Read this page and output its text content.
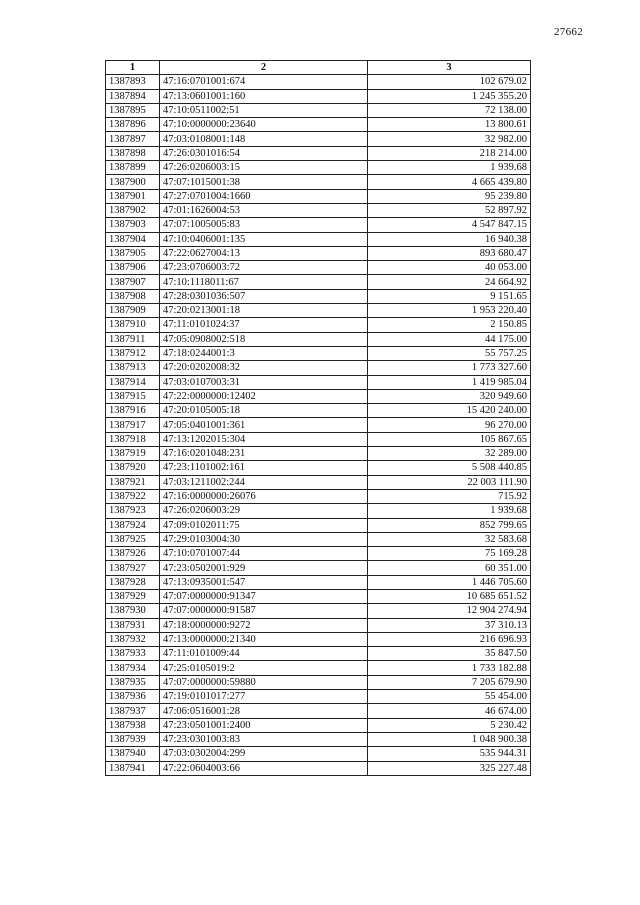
27662
1	2	3
1387893	47:16:0701001:674	102 679.02
1387894	47:13:0601001:160	1 245 355.20
1387895	47:10:0511002:51	72 138.00
1387896	47:10:0000000:23640	13 800.61
1387897	47:03:0108001:148	32 982.00
1387898	47:26:0301016:54	218 214.00
1387899	47:26:0206003:15	1 939.68
1387900	47:07:1015001:38	4 665 439.80
1387901	47:27:0701004:1660	95 239.80
1387902	47:01:1626004:53	52 897.92
1387903	47:07:1005005:83	4 547 847.15
1387904	47:10:0406001:135	16 940.38
1387905	47:22:0627004:13	893 680.47
1387906	47:23:0706003:72	40 053.00
1387907	47:10:1118011:67	24 664.92
1387908	47:28:0301036:507	9 151.65
1387909	47:20:0213001:18	1 953 220.40
1387910	47:11:0101024:37	2 150.85
1387911	47:05:0908002:518	44 175.00
1387912	47:18:0244001:3	55 757.25
1387913	47:20:0202008:32	1 773 327.60
1387914	47:03:0107003:31	1 419 985.04
1387915	47:22:0000000:12402	320 949.60
1387916	47:20:0105005:18	15 420 240.00
1387917	47:05:0401001:361	96 270.00
1387918	47:13:1202015:304	105 867.65
1387919	47:16:0201048:231	32 289.00
1387920	47:23:1101002:161	5 508 440.85
1387921	47:03:1211002:244	22 003 111.90
1387922	47:16:0000000:26076	715.92
1387923	47:26:0206003:29	1 939.68
1387924	47:09:0102011:75	852 799.65
1387925	47:29:0103004:30	32 583.68
1387926	47:10:0701007:44	75 169.28
1387927	47:23:0502001:929	60 351.00
1387928	47:13:0935001:547	1 446 705.60
1387929	47:07:0000000:91347	10 685 651.52
1387930	47:07:0000000:91587	12 904 274.94
1387931	47:18:0000000:9272	37 310.13
1387932	47:13:0000000:21340	216 696.93
1387933	47:11:0101009:44	35 847.50
1387934	47:25:0105019:2	1 733 182.88
1387935	47:07:0000000:59880	7 205 679.90
1387936	47:19:0101017:277	55 454.00
1387937	47:06:0516001:28	46 674.00
1387938	47:23:0501001:2400	5 230.42
1387939	47:23:0301003:83	1 048 900.38
1387940	47:03:0302004:299	535 944.31
1387941	47:22:0604003:66	325 227.48
